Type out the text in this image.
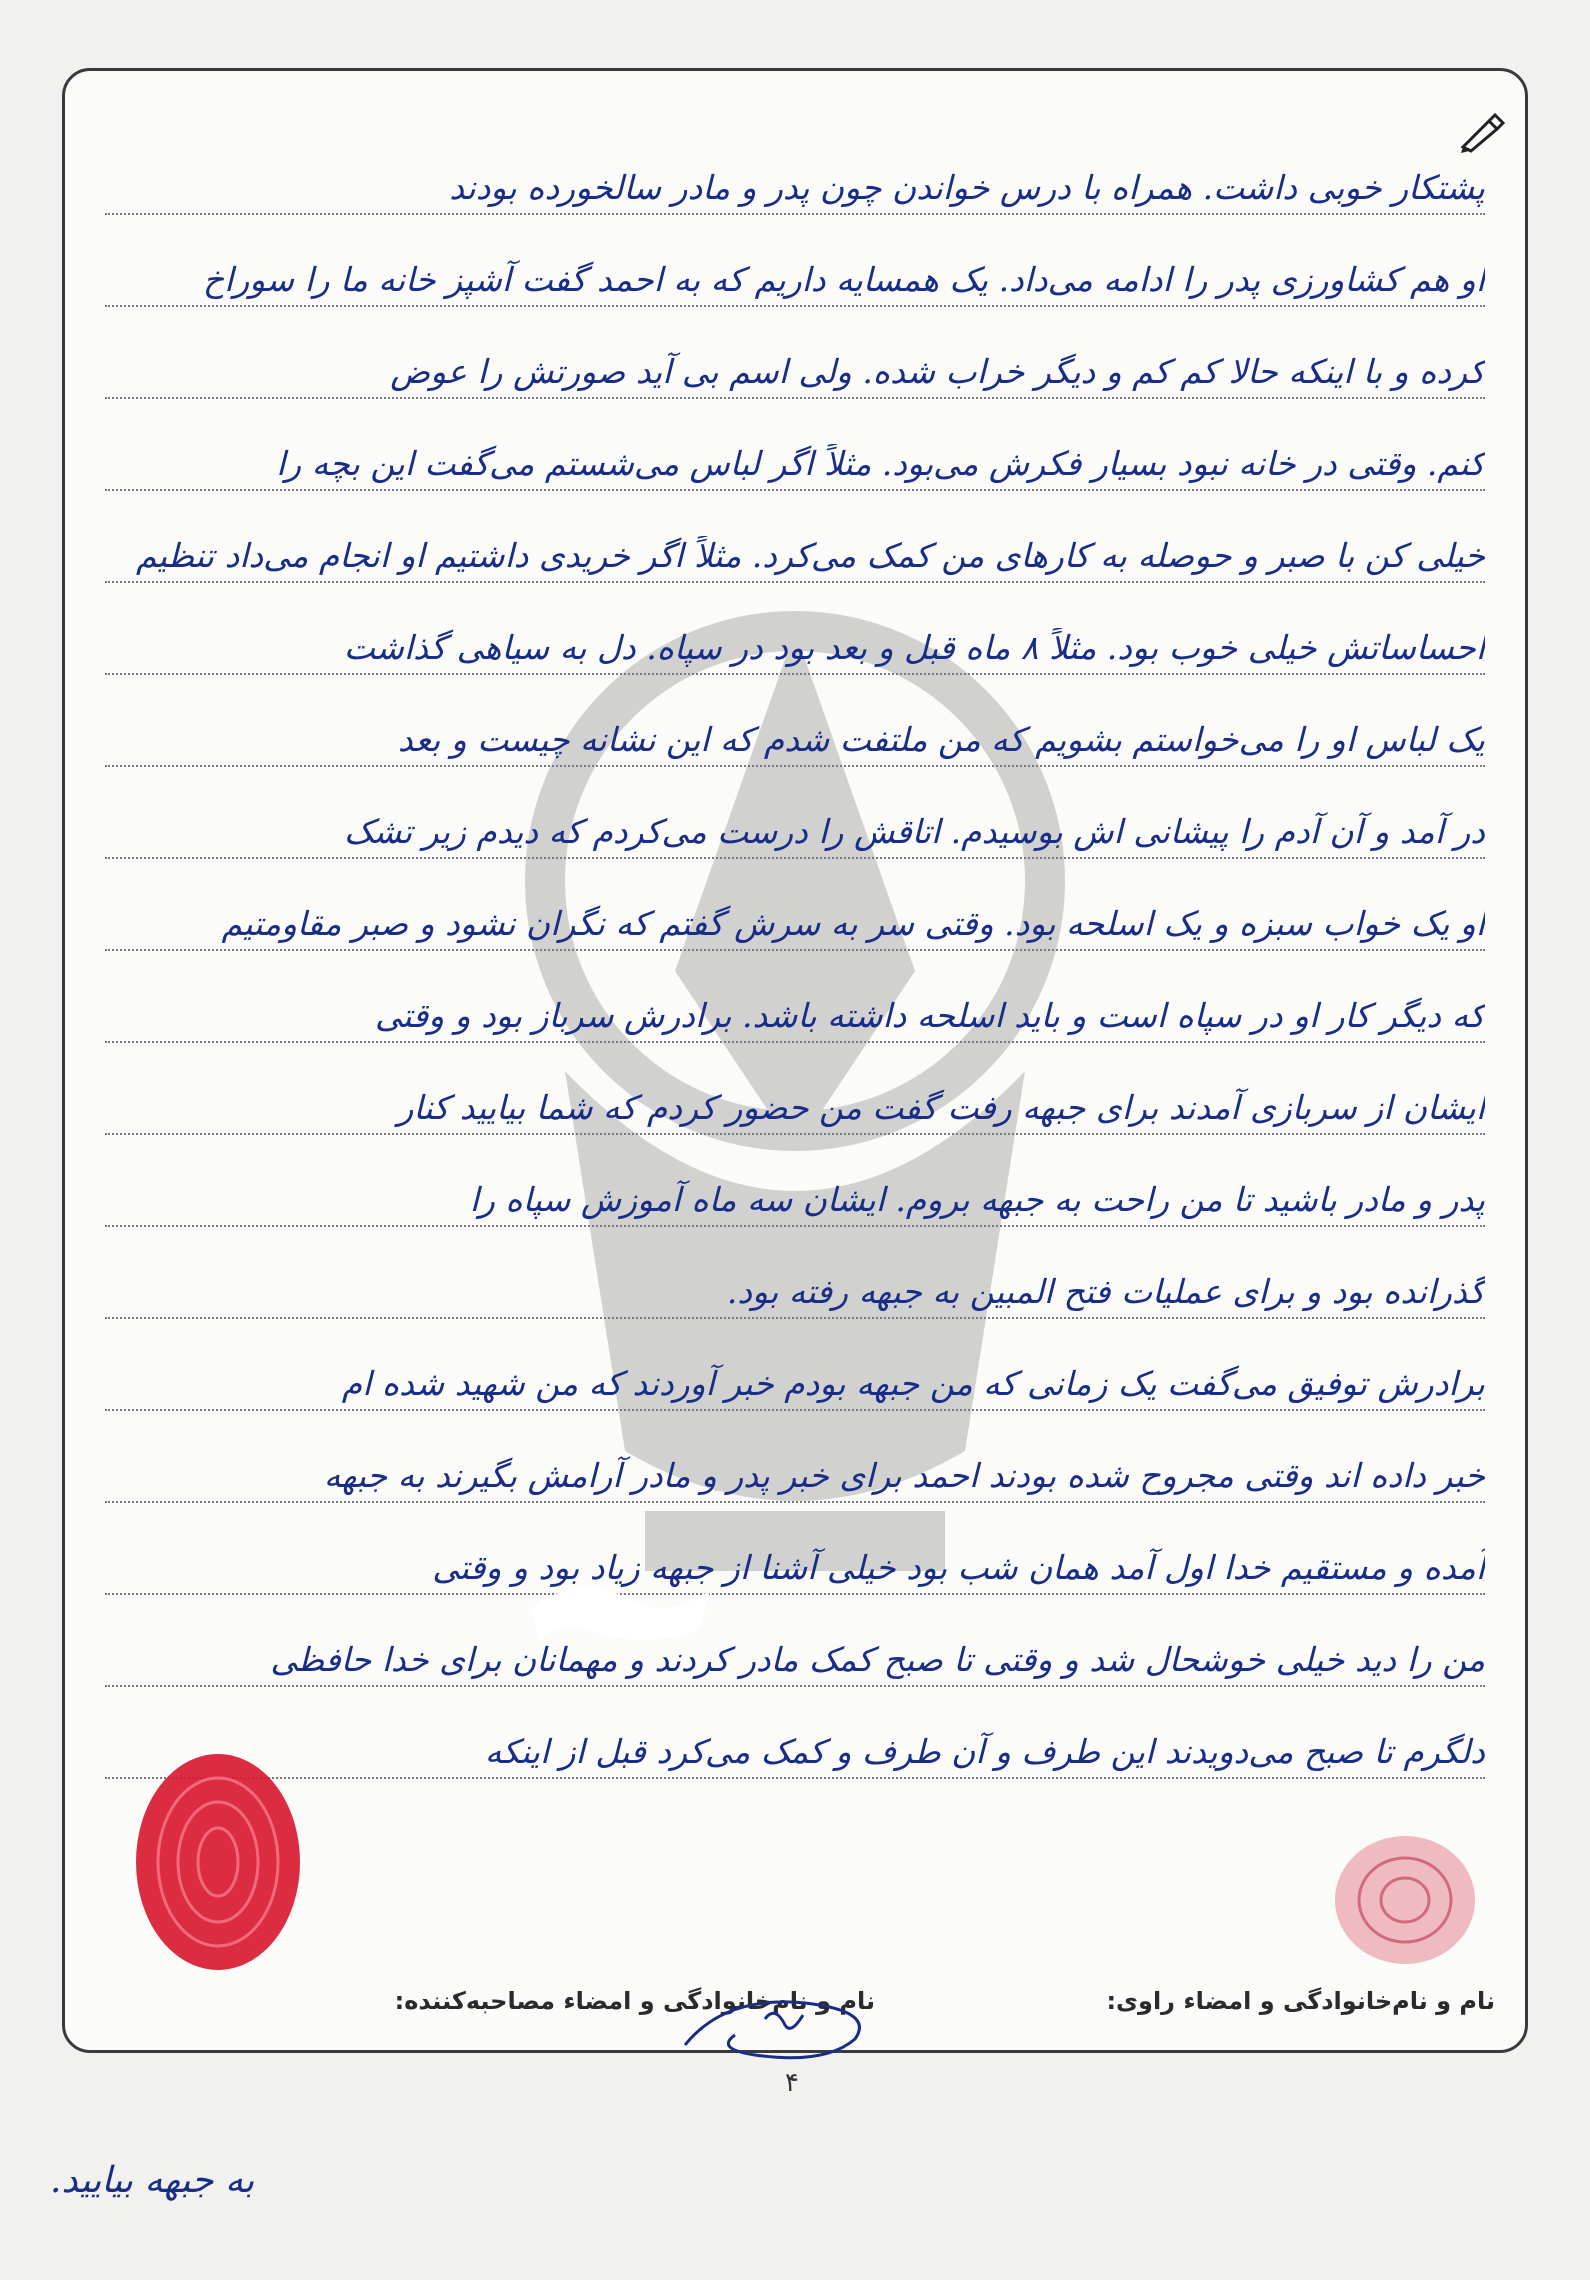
پشتکار خوبی داشت. همراه با درس خواندن چون پدر و مادر سالخورده بودند
او هم کشاورزی پدر را ادامه می‌داد. یک همسایه داریم که به احمد گفت آشپز خانه ما را سوراخ
کرده و با اینکه حالا کم کم و دیگر خراب شده. ولی اسم بی آید صورتش را عوض
کنم. وقتی در خانه نبود بسیار فکرش می‌بود. مثلاً اگر لباس می‌شستم می‌گفت این بچه را
خیلی کن با صبر و حوصله به کارهای من کمک می‌کرد. مثلاً اگر خریدی داشتیم او انجام می‌داد تنظیم
احساساتش خیلی خوب بود. مثلاً ۸ ماه قبل و بعد بود در سپاه. دل به سیاهی گذاشت
یک لباس او را می‌خواستم بشویم که من ملتفت شدم که این نشانه چیست و بعد
در آمد و آن آدم را پیشانی اش بوسیدم. اتاقش را درست می‌کردم که دیدم زیر تشک
او یک خواب سبزه و یک اسلحه بود. وقتی سر به سرش گفتم که نگران نشود و صبر مقاومتیم
که دیگر کار او در سپاه است و باید اسلحه داشته باشد. برادرش سرباز بود و وقتی
ایشان از سربازی آمدند برای جبهه رفت گفت من حضور کردم که شما بیایید کنار
پدر و مادر باشید تا من راحت به جبهه بروم. ایشان سه ماه آموزش سپاه را
گذرانده بود و برای عملیات فتح المبین به جبهه رفته بود.
برادرش توفیق می‌گفت یک زمانی که من جبهه بودم خبر آوردند که من شهید شده ام
خبر داده اند وقتی مجروح شده بودند احمد برای خبر پدر و مادر آرامش بگیرند به جبهه
آمده و مستقیم خدا اول آمد همان شب بود خیلی آشنا از جبهه زیاد بود و وقتی
من را دید خیلی خوشحال شد و وقتی تا صبح کمک مادر کردند و مهمانان برای خدا حافظی
دلگرم تا صبح می‌دویدند این طرف و آن طرف و کمک می‌کرد قبل از اینکه
نام و نام‌خانوادگی و امضاء راوی:
نام و نام‌خانوادگی و امضاء مصاحبه‌کننده:
۴
به جبهه بیایید.
